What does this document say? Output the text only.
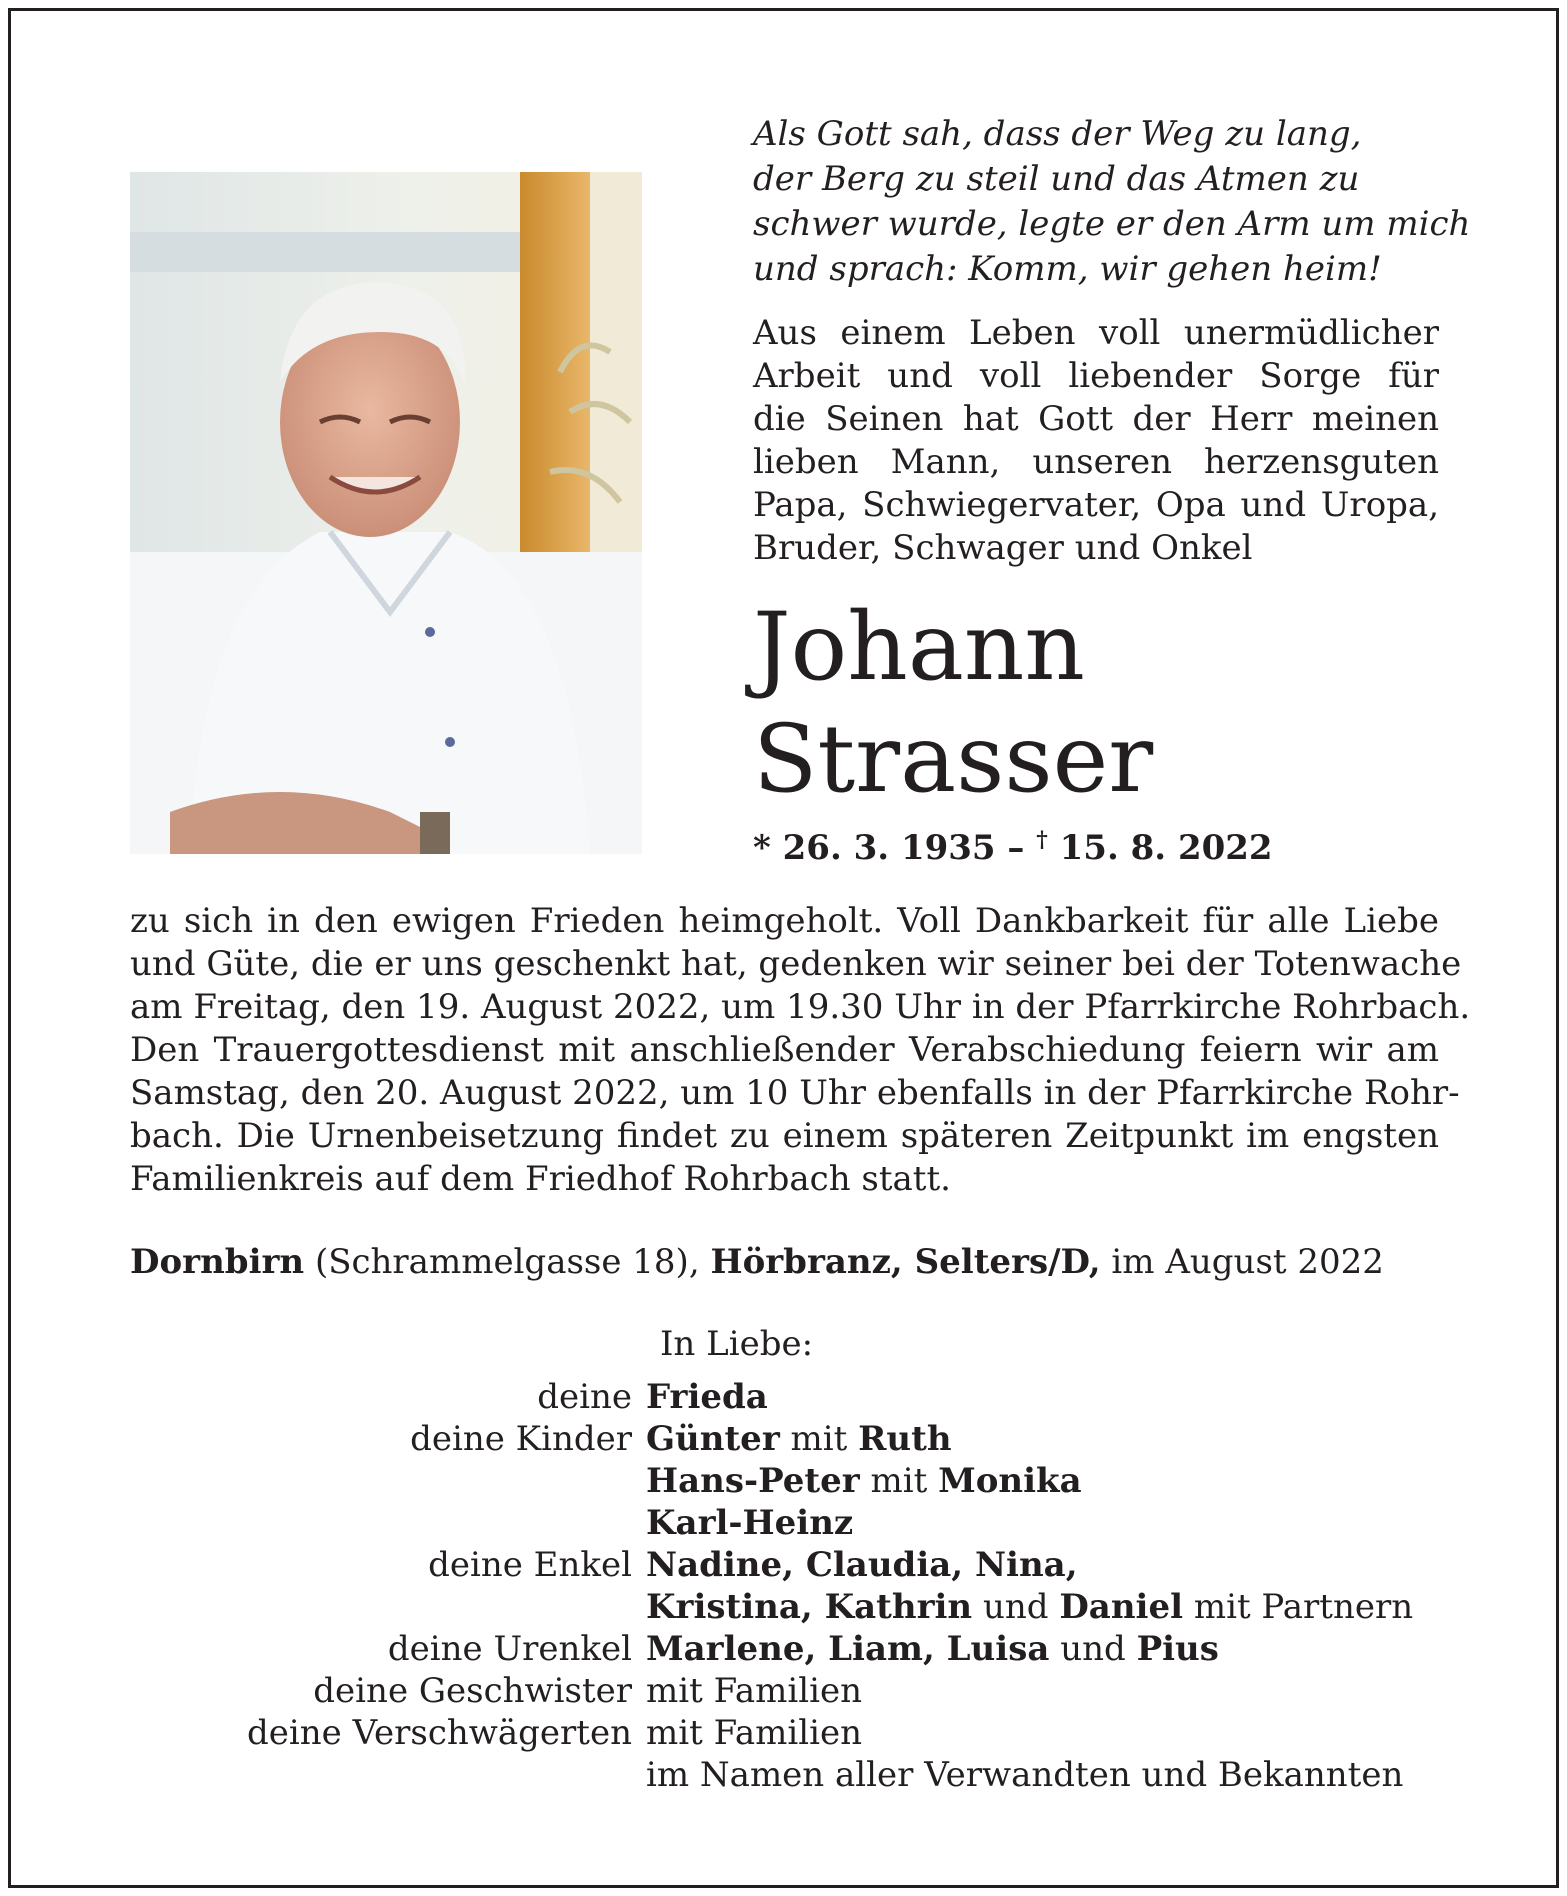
Als Gott sah, dass der Weg zu lang,
der Berg zu steil und das Atmen zu
schwer wurde, legte er den Arm um mich
und sprach: Komm, wir gehen heim!
Aus einem Leben voll unermüdlicher
Arbeit und voll liebender Sorge für
die Seinen hat Gott der Herr meinen
lieben Mann, unseren herzensguten
Papa, Schwiegervater, Opa und Uropa,
Bruder, Schwager und Onkel
Johann
Strasser
* 26. 3. 1935 – † 15. 8. 2022
zu sich in den ewigen Frieden heimgeholt. Voll Dankbarkeit für alle Liebe
und Güte, die er uns geschenkt hat, gedenken wir seiner bei der Totenwache
am Freitag, den 19. August 2022, um 19.30 Uhr in der Pfarrkirche Rohrbach.
Den Trauergottesdienst mit anschließender Verabschiedung feiern wir am
Samstag, den 20. August 2022, um 10 Uhr ebenfalls in der Pfarrkirche Rohr-
bach. Die Urnenbeisetzung findet zu einem späteren Zeitpunkt im engsten
Familienkreis auf dem Friedhof Rohrbach statt.
Dornbirn (Schrammelgasse 18), Hörbranz, Selters/D, im August 2022
In Liebe:
deine Frieda
deine Kinder Günter mit Ruth
Hans-Peter mit Monika
Karl-Heinz
deine Enkel Nadine, Claudia, Nina,
Kristina, Kathrin und Daniel mit Partnern
deine Urenkel Marlene, Liam, Luisa und Pius
deine Geschwister mit Familien
deine Verschwägerten mit Familien
im Namen aller Verwandten und Bekannten
